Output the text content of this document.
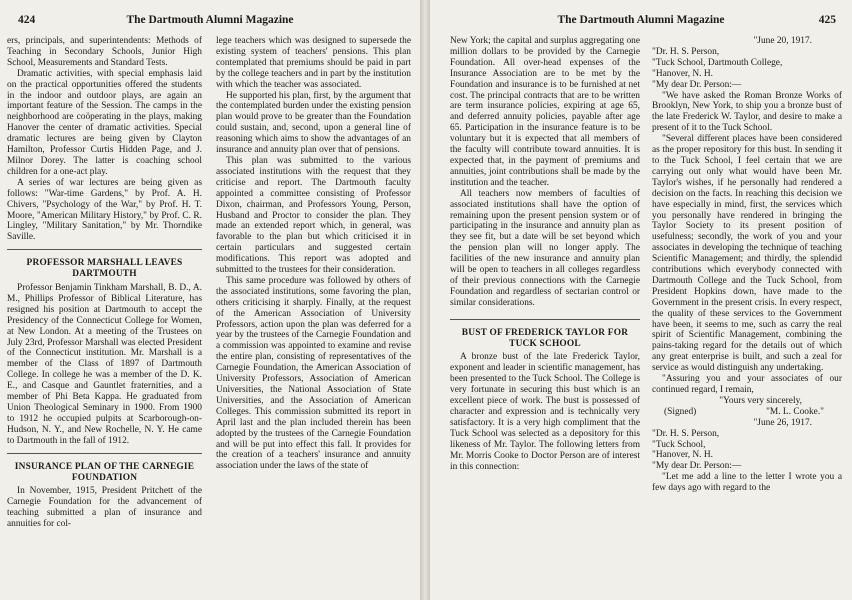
424	The Dartmouth Alumni Magazine

ers, principals, and superintendents: Methods of Teaching in Secondary Schools, Junior High School, Measurements and Standard Tests.

Dramatic activities, with special emphasis laid on the practical opportunities offered the students in the indoor and outdoor plays, are again an important feature of the Session. The camps in the neighborhood are coöperating in the plays, making Hanover the center of dramatic activities. Special dramatic lectures are being given by Clayton Hamilton, Professor Curtis Hidden Page, and J. Milnor Dorey. The latter is coaching school children for a one-act play.

A series of war lectures are being given as follows: "War-time Gardens," by Prof. A. H. Chivers, "Psychology of the War," by Prof. H. T. Moore, "American Military History," by Prof. C. R. Lingley, "Military Sanitation," by Mr. Thorndike Saville.

PROFESSOR MARSHALL LEAVES DARTMOUTH

Professor Benjamin Tinkham Marshall, B. D., A. M., Phillips Professor of Biblical Literature, has resigned his position at Dartmouth to accept the Presidency of the Connecticut College for Women, at New London. At a meeting of the Trustees on July 23rd, Professor Marshall was elected President of the Connecticut institution. Mr. Marshall is a member of the Class of 1897 of Dartmouth College. In college he was a member of the D. K. E., and Casque and Gauntlet fraternities, and a member of Phi Beta Kappa. He graduated from Union Theological Seminary in 1900. From 1900 to 1912 he occupied pulpits at Scarborough-on-Hudson, N. Y., and New Rochelle, N. Y. He came to Dartmouth in the fall of 1912.

INSURANCE PLAN OF THE CARNEGIE FOUNDATION

In November, 1915, President Pritchett of the Carnegie Foundation for the advancement of teaching submitted a plan of insurance and annuities for col-

lege teachers which was designed to supersede the existing system of teachers' pensions. This plan contemplated that premiums should be paid in part by the college teachers and in part by the institution with which the teacher was associated.

He supported his plan, first, by the argument that the contemplated burden under the existing pension plan would prove to be greater than the Foundation could sustain, and, second, upon a general line of reasoning which aims to show the advantages of an insurance and annuity plan over that of pensions.

This plan was submitted to the various associated institutions with the request that they criticise and report. The Dartmouth faculty appointed a committee consisting of Professor Dixon, chairman, and Professors Young, Person, Husband and Proctor to consider the plan. They made an extended report which, in general, was favorable to the plan but which criticised it in certain particulars and suggested certain modifications. This report was adopted and submitted to the trustees for their consideration.

This same procedure was followed by others of the associated institutions, some favoring the plan, others criticising it sharply. Finally, at the request of the American Association of University Professors, action upon the plan was deferred for a year by the trustees of the Carnegie Foundation and a commission was appointed to examine and revise the entire plan, consisting of representatives of the Carnegie Foundation, the American Association of University Professors, Association of American Universities, the National Association of State Universities, and the Association of American Colleges. This commission submitted its report in April last and the plan included therein has been adopted by the trustees of the Carnegie Foundation and will be put into effect this fall. It provides for the creation of a teachers' insurance and annuity association under the laws of the state of

The Dartmouth Alumni Magazine	425

New York; the capital and surplus aggregating one million dollars to be provided by the Carnegie Foundation. All over-head expenses of the Insurance Association are to be met by the Foundation and insurance is to be furnished at net cost. The principal contracts that are to be written are term insurance policies, expiring at age 65, and deferred annuity policies, payable after age 65. Participation in the insurance feature is to be voluntary but it is expected that all members of the faculty will contribute toward annuities. It is expected that, in the payment of premiums and annuities, joint contributions shall be made by the institution and the teacher.

All teachers now members of faculties of associated institutions shall have the option of remaining upon the present pension system or of participating in the insurance and annuity plan as they see fit, but a date will be set beyond which the pension plan will no longer apply. The facilities of the new insurance and annuity plan will be open to teachers in all colleges regardless of their previous connections with the Carnegie Foundation and regardless of sectarian control or similar considerations.

BUST OF FREDERICK TAYLOR FOR TUCK SCHOOL

A bronze bust of the late Frederick Taylor, exponent and leader in scientific management, has been presented to the Tuck School. The College is very fortunate in securing this bust which is an excellent piece of work. The bust is possessed of character and expression and is technically very satisfactory. It is a very high compliment that the Tuck School was selected as a depository for this likeness of Mr. Taylor. The following letters from Mr. Morris Cooke to Doctor Person are of interest in this connection:

"June 20, 1917.

"Dr. H. S. Person,

"Tuck School, Dartmouth College,

"Hanover, N. H.

"My dear Dr. Person:—

"We have asked the Roman Bronze Works of Brooklyn, New York, to ship you a bronze bust of the late Frederick W. Taylor, and desire to make a present of it to the Tuck School.

"Several different places have been considered as the proper repository for this bust. In sending it to the Tuck School, I feel certain that we are carrying out only what would have been Mr. Taylor's wishes, if he personally had rendered a decision on the facts. In reaching this decision we have especially in mind, first, the services which you personally have rendered in bringing the Taylor Society to its present position of usefulness; secondly, the work of you and your associates in developing the technique of teaching Scientific Management; and thirdly, the splendid contributions which everybody connected with Dartmouth College and the Tuck School, from President Hopkins down, have made to the Government in the present crisis. In every respect, the quality of these services to the Government have been, it seems to me, such as carry the real spirit of Scientific Management, combining the pains-taking regard for the details out of which any great enterprise is built, and such a zeal for service as would distinguish any undertaking.

"Assuring you and your associates of our continued regard, I remain,

"Yours very sincerely,

(Signed)	"M. L. Cooke."

"June 26, 1917.

"Dr. H. S. Person,

"Tuck School,

"Hanover, N. H.

"My dear Dr. Person:—

"Let me add a line to the letter I wrote you a few days ago with regard to the
